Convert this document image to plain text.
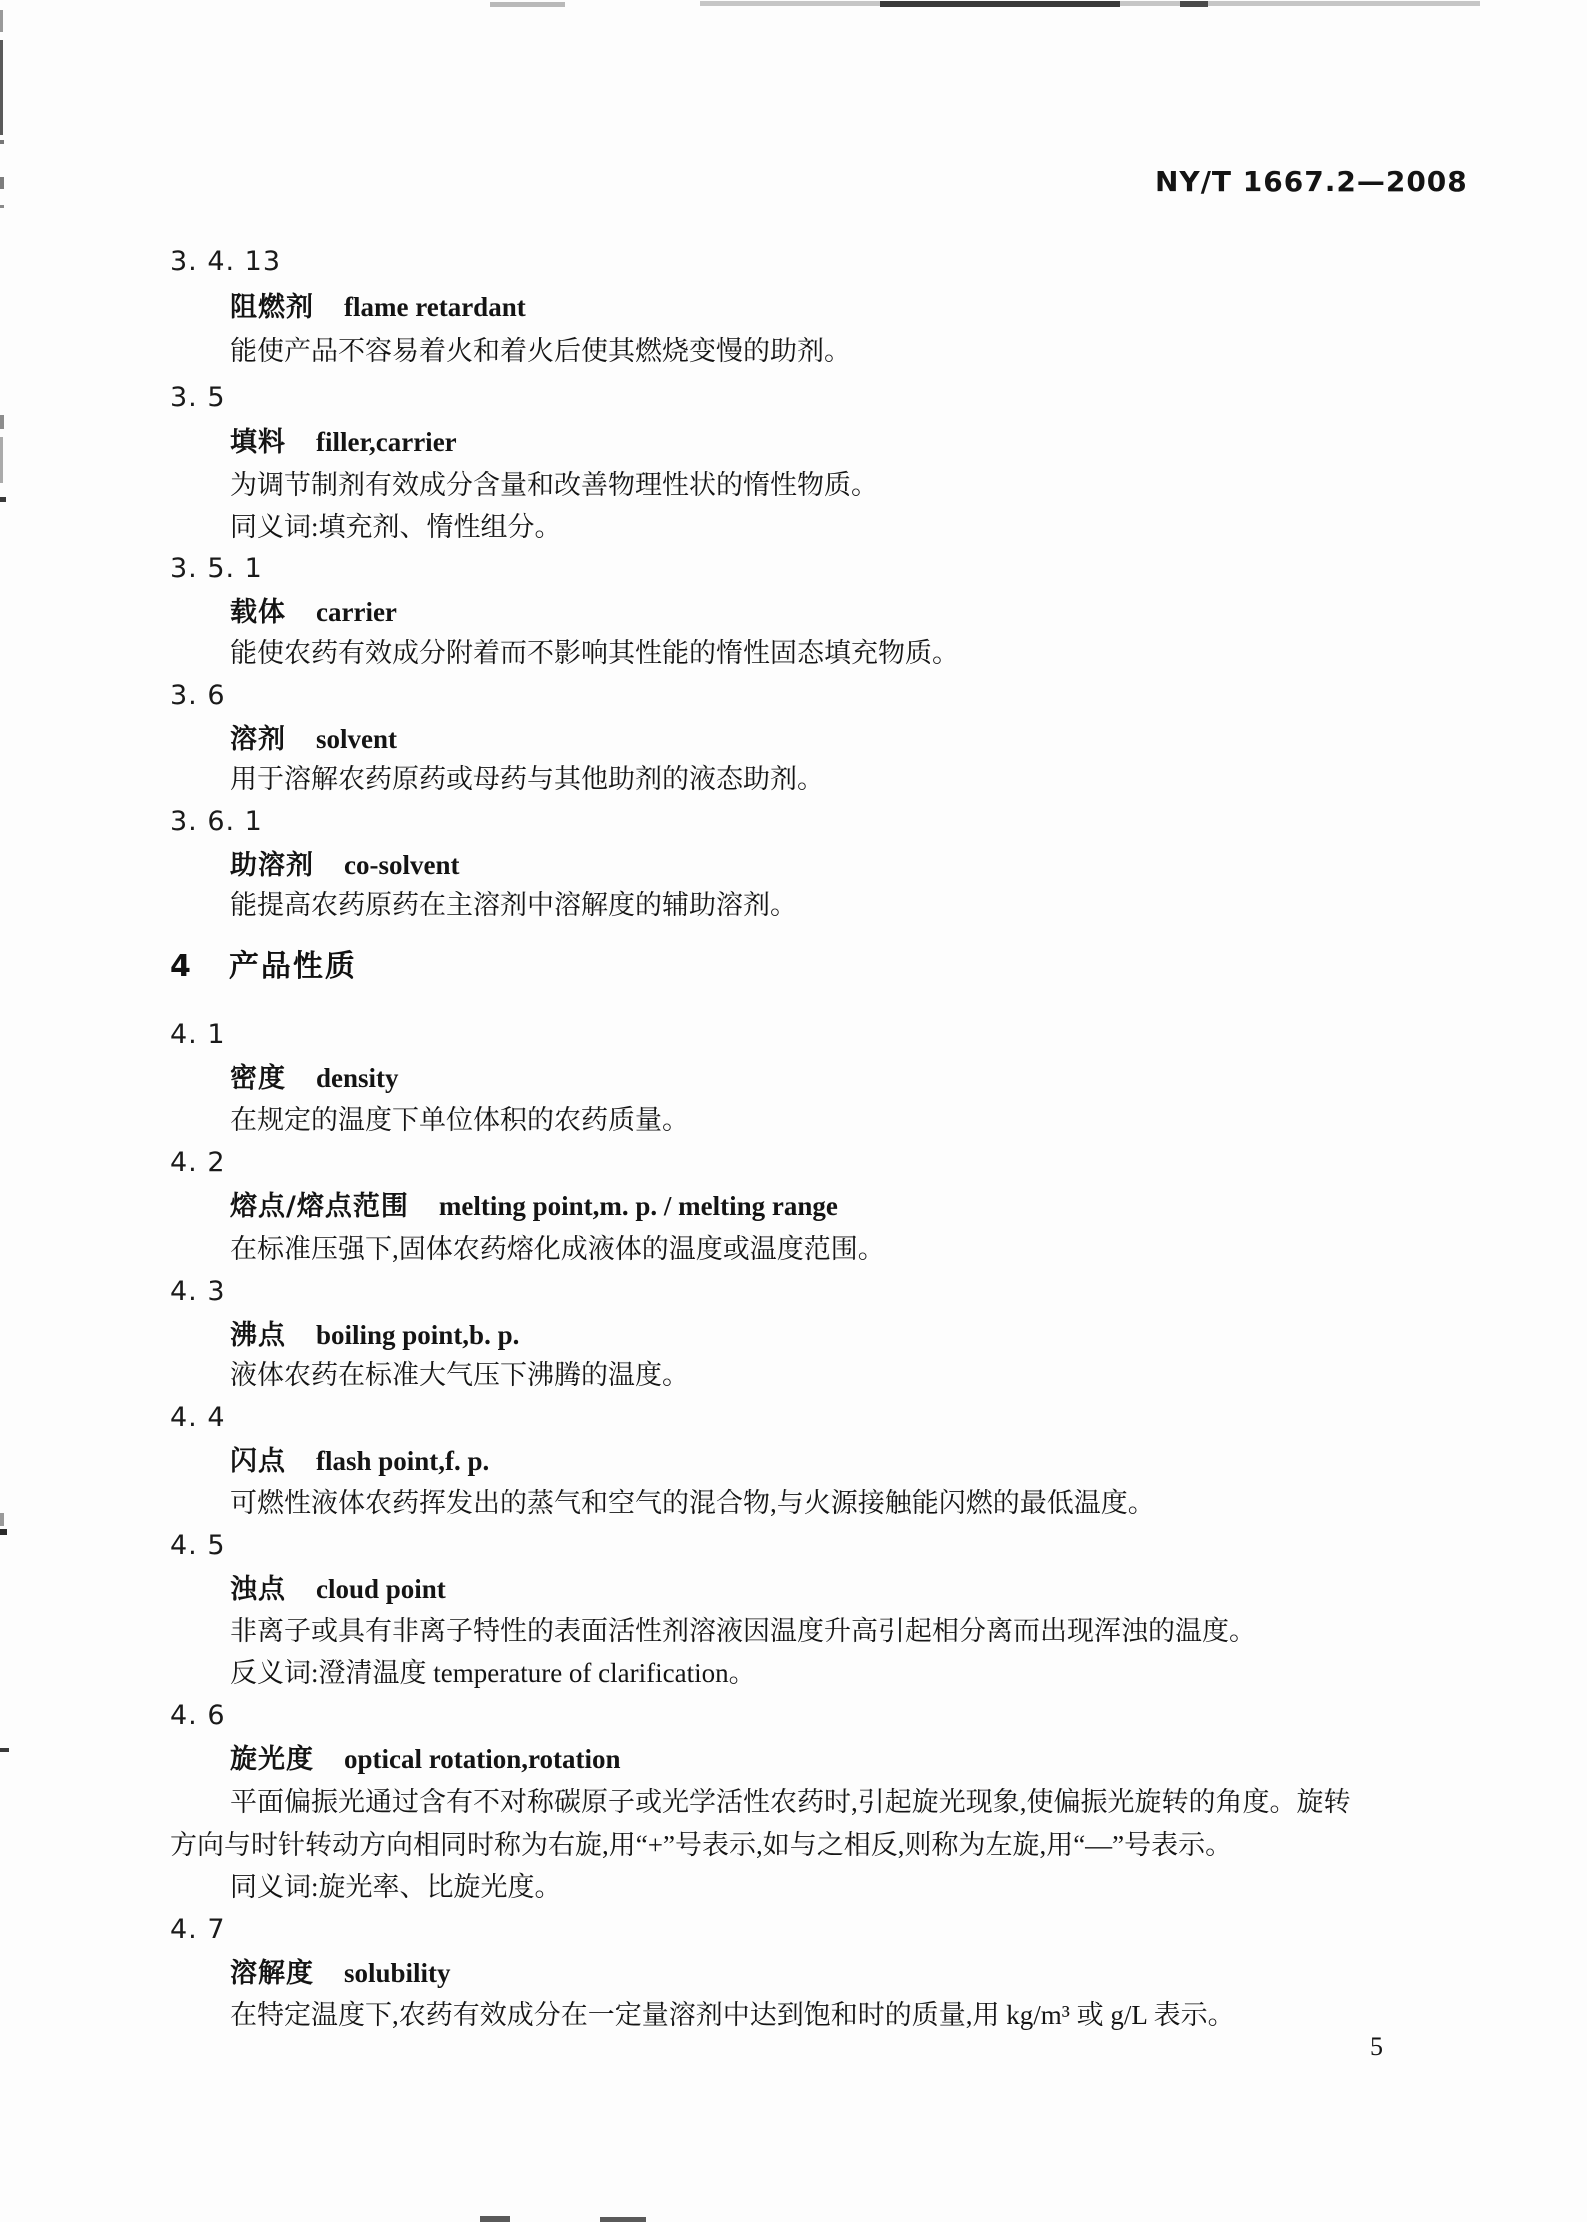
NY/T 1667.2—2008
3. 4. 13
阻燃剂 flame retardant
能使产品不容易着火和着火后使其燃烧变慢的助剂。
3. 5
填料 filler,carrier
为调节制剂有效成分含量和改善物理性状的惰性物质。
同义词:填充剂、惰性组分。
3. 5. 1
载体 carrier
能使农药有效成分附着而不影响其性能的惰性固态填充物质。
3. 6
溶剂 solvent
用于溶解农药原药或母药与其他助剂的液态助剂。
3. 6. 1
助溶剂 co-solvent
能提高农药原药在主溶剂中溶解度的辅助溶剂。
4 产品性质
4. 1
密度 density
在规定的温度下单位体积的农药质量。
4. 2
熔点/熔点范围 melting point,m. p. / melting range
在标准压强下,固体农药熔化成液体的温度或温度范围。
4. 3
沸点 boiling point,b. p.
液体农药在标准大气压下沸腾的温度。
4. 4
闪点 flash point,f. p.
可燃性液体农药挥发出的蒸气和空气的混合物,与火源接触能闪燃的最低温度。
4. 5
浊点 cloud point
非离子或具有非离子特性的表面活性剂溶液因温度升高引起相分离而出现浑浊的温度。
反义词:澄清温度 temperature of clarification。
4. 6
旋光度 optical rotation,rotation
平面偏振光通过含有不对称碳原子或光学活性农药时,引起旋光现象,使偏振光旋转的角度。旋转
方向与时针转动方向相同时称为右旋,用“+”号表示,如与之相反,则称为左旋,用“—”号表示。
同义词:旋光率、比旋光度。
4. 7
溶解度 solubility
在特定温度下,农药有效成分在一定量溶剂中达到饱和时的质量,用 kg/m³ 或 g/L 表示。
5
